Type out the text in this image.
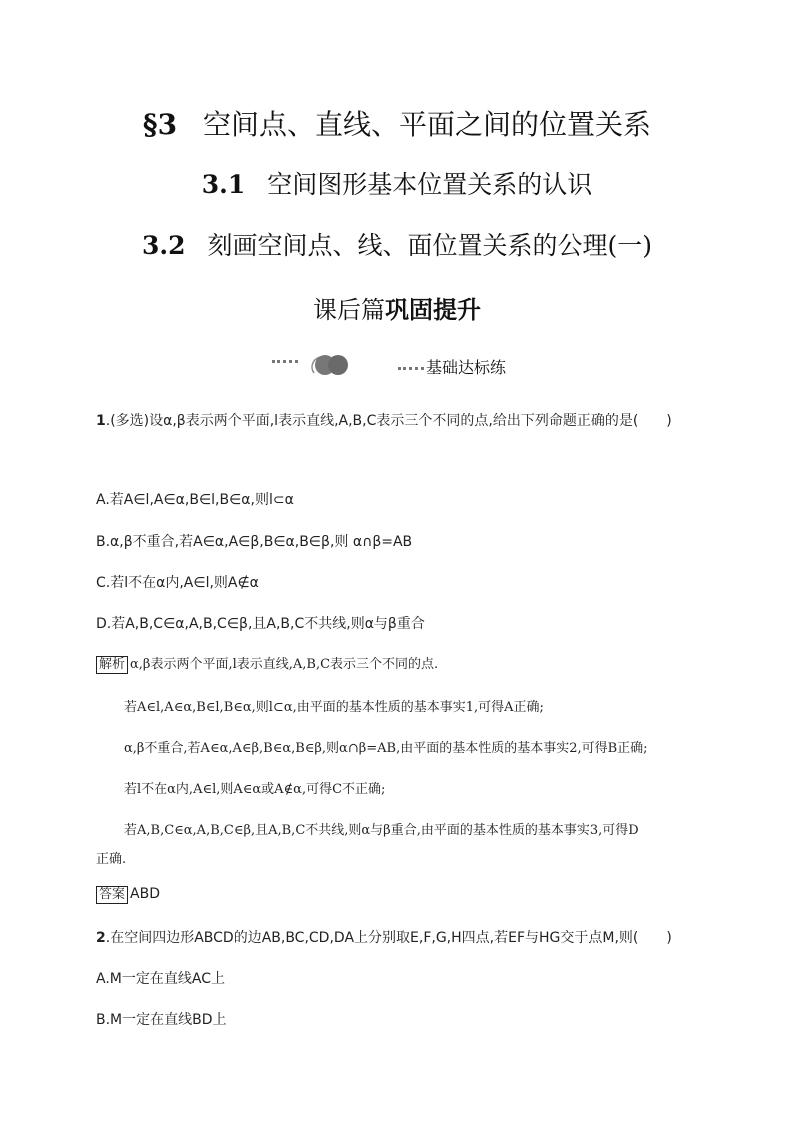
§3 空间点、直线、平面之间的位置关系
3.1 空间图形基本位置关系的认识
3.2 刻画空间点、线、面位置关系的公理(一)
课后篇巩固提升
基础达标练
1.(多选)设α,β表示两个平面,l表示直线,A,B,C表示三个不同的点,给出下列命题正确的是(　　)
A.若A∈l,A∈α,B∈l,B∈α,则l⊂α
B.α,β不重合,若A∈α,A∈β,B∈α,B∈β,则 α∩β=AB
C.若l不在α内,A∈l,则A∉α
D.若A,B,C∈α,A,B,C∈β,且A,B,C不共线,则α与β重合
解析 α,β表示两个平面,l表示直线,A,B,C表示三个不同的点.
若A∈l,A∈α,B∈l,B∈α,则l⊂α,由平面的基本性质的基本事实1,可得A正确;
α,β不重合,若A∈α,A∈β,B∈α,B∈β,则α∩β=AB,由平面的基本性质的基本事实2,可得B正确;
若l不在α内,A∈l,则A∈α或A∉α,可得C不正确;
若A,B,C∈α,A,B,C∈β,且A,B,C不共线,则α与β重合,由平面的基本性质的基本事实3,可得D
正确.
答案 ABD
2.在空间四边形ABCD的边AB,BC,CD,DA上分别取E,F,G,H四点,若EF与HG交于点M,则(　　)
A.M一定在直线AC上
B.M一定在直线BD上
